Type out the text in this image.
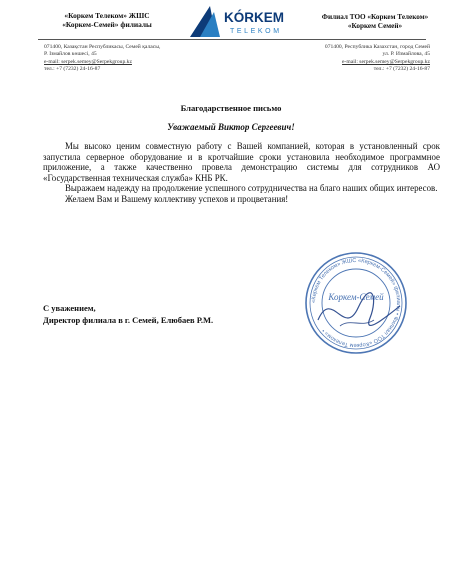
«Коркем Телеком» ЖШС
«Коркем-Семей» филиалы	KÓRKEM
TELEKOM
Филиал ТОО «Коркем Телеком»
«Коркем Семей»
071400, Казақстан Республикасы, Семей қаласы,
Р. Ізмайлов көшесі, 45
e-mail: serpek.semey@Serpekgroup.kz
тел.: +7 (7232) 24-16-87
071400, Республика Казахстан, город Семей
ул. Р. Измайлова, 45
e-mail: serpek.semey@Serpekgroup.kz
тел.: +7 (7232) 24-16-87
Благодарственное письмо
Уважаемый Виктор Сергеевич!

Мы высоко ценим совместную работу с Вашей компанией, которая в установленный срок запустила серверное оборудование и в кротчайшие сроки установила необходимое программное приложение, а также качественно провела демонстрацию системы для сотрудников АО «Государственная техническая служба» КНБ РК.

Выражаем надежду на продолжение успешного сотрудничества на благо наших общих интересов.

Желаем Вам и Вашему коллективу успехов и процветания!

«Көркем Телеком» ЖШС «Көркем-Семей» филиалы • Филиал ТОО «Коркем Телеком» •
Коркем-Семей
С уважением,
Директор филиала в г. Семей, Елюбаев Р.М.
